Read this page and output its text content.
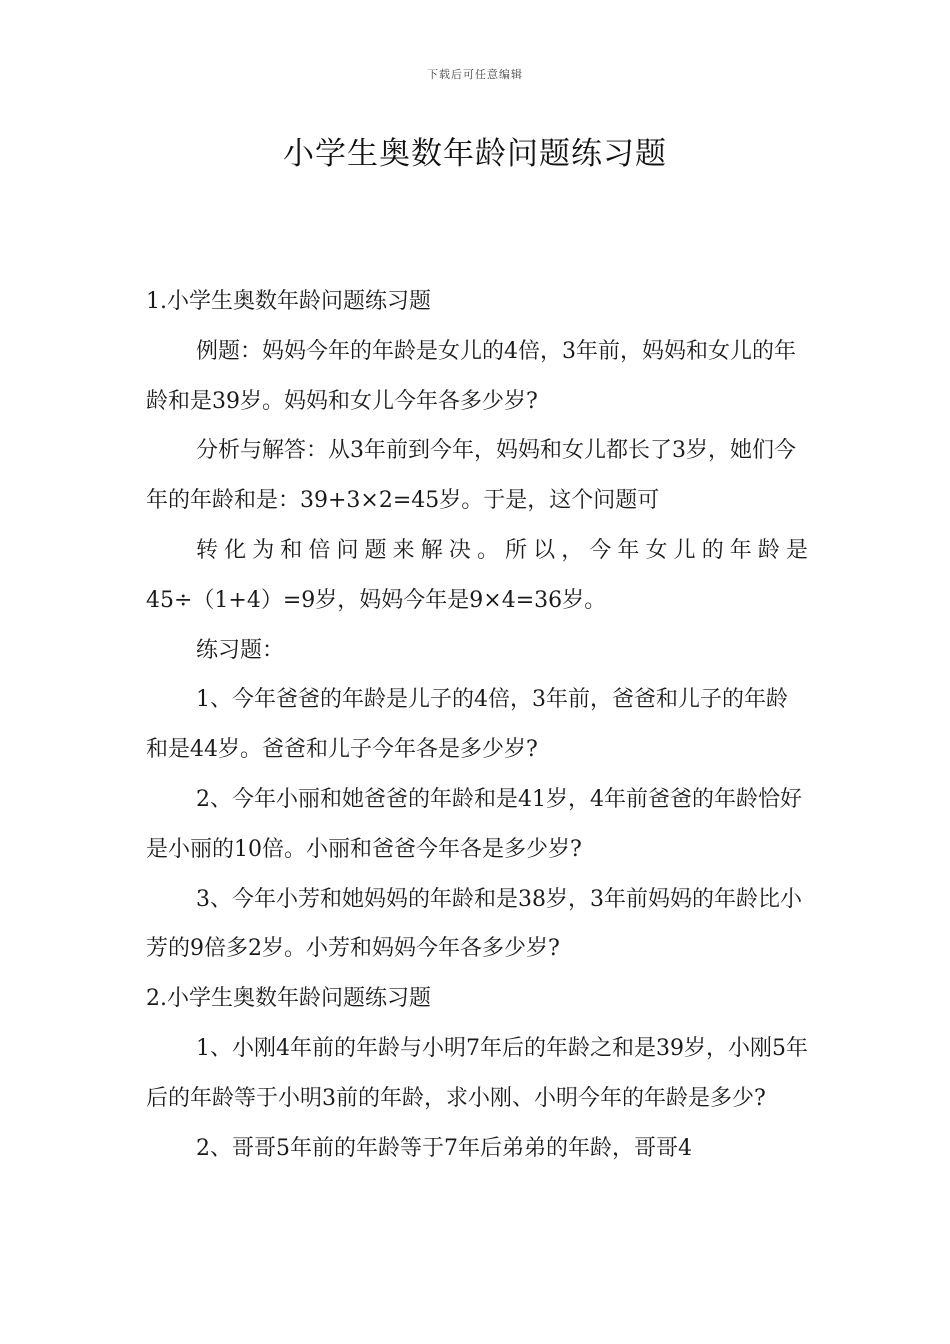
下载后可任意编辑
小学生奥数年龄问题练习题

1.小学生奥数年龄问题练习题

例题：妈妈今年的年龄是女儿的4倍，3年前，妈妈和女儿的年龄和是39岁。妈妈和女儿今年各多少岁?

分析与解答：从3年前到今年，妈妈和女儿都长了3岁，她们今年的年龄和是：39+3×2=45岁。于是，这个问题可
转化为和倍问题来解决。所以，今年女儿的年龄是
45÷（1+4）=9岁，妈妈今年是9×4=36岁。

练习题：

1、今年爸爸的年龄是儿子的4倍，3年前，爸爸和儿子的年龄和是44岁。爸爸和儿子今年各是多少岁?

2、今年小丽和她爸爸的年龄和是41岁，4年前爸爸的年龄恰好是小丽的10倍。小丽和爸爸今年各是多少岁?

3、今年小芳和她妈妈的年龄和是38岁，3年前妈妈的年龄比小芳的9倍多2岁。小芳和妈妈今年各多少岁?

2.小学生奥数年龄问题练习题

1、小刚4年前的年龄与小明7年后的年龄之和是39岁，小刚5年后的年龄等于小明3前的年龄，求小刚、小明今年的年龄是多少?

2、哥哥5年前的年龄等于7年后弟弟的年龄，哥哥4
